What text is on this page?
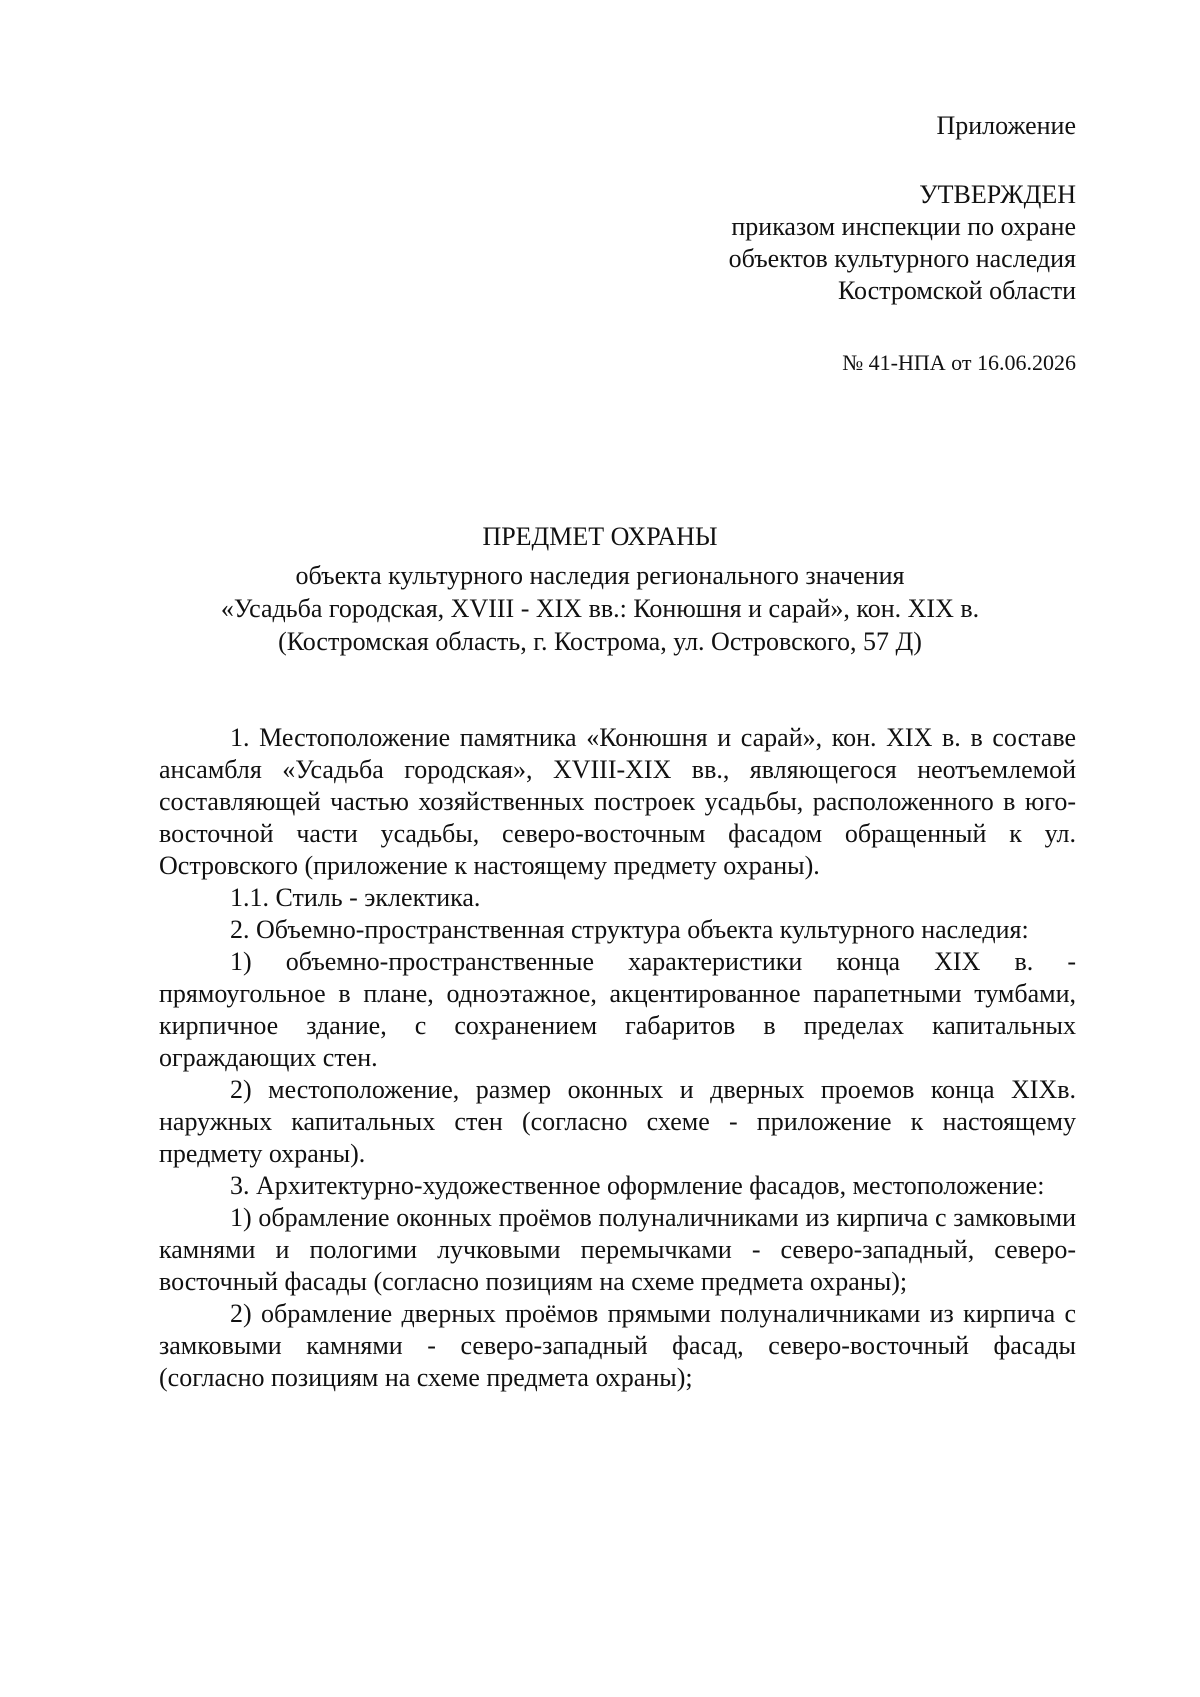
Приложение
УТВЕРЖДЕН
приказом инспекции по охране
объектов культурного наследия
Костромской области
№ 41-НПА от 16.06.2026
ПРЕДМЕТ ОХРАНЫ
объекта культурного наследия регионального значения
«Усадьба городская, XVIII - XIX вв.: Конюшня и сарай», кон. XIX в.
(Костромская область, г. Кострома, ул. Островского, 57 Д)

1. Местоположение памятника «Конюшня и сарай», кон. XIX в. в составе ансамбля «Усадьба городская», XVIII-XIX вв., являющегося неотъемлемой составляющей частью хозяйственных построек усадьбы, расположенного в юго-восточной части усадьбы, северо-восточным фасадом обращенный к ул. Островского (приложение к настоящему предмету охраны).

1.1. Стиль - эклектика.

2. Объемно-пространственная структура объекта культурного наследия:

1) объемно-пространственные характеристики конца XIX в. - прямоугольное в плане, одноэтажное, акцентированное парапетными тумбами, кирпичное здание, с сохранением габаритов в пределах капитальных ограждающих стен.

2) местоположение, размер оконных и дверных проемов конца XIXв. наружных капитальных стен (согласно схеме - приложение к настоящему предмету охраны).

3. Архитектурно-художественное оформление фасадов, местоположение:

1) обрамление оконных проёмов полуналичниками из кирпича с замковыми камнями и пологими лучковыми перемычками - северо-западный, северо-восточный фасады (согласно позициям на схеме предмета охраны);

2) обрамление дверных проёмов прямыми полуналичниками из кирпича с замковыми камнями - северо-западный фасад, северо-восточный фасады (согласно позициям на схеме предмета охраны);
